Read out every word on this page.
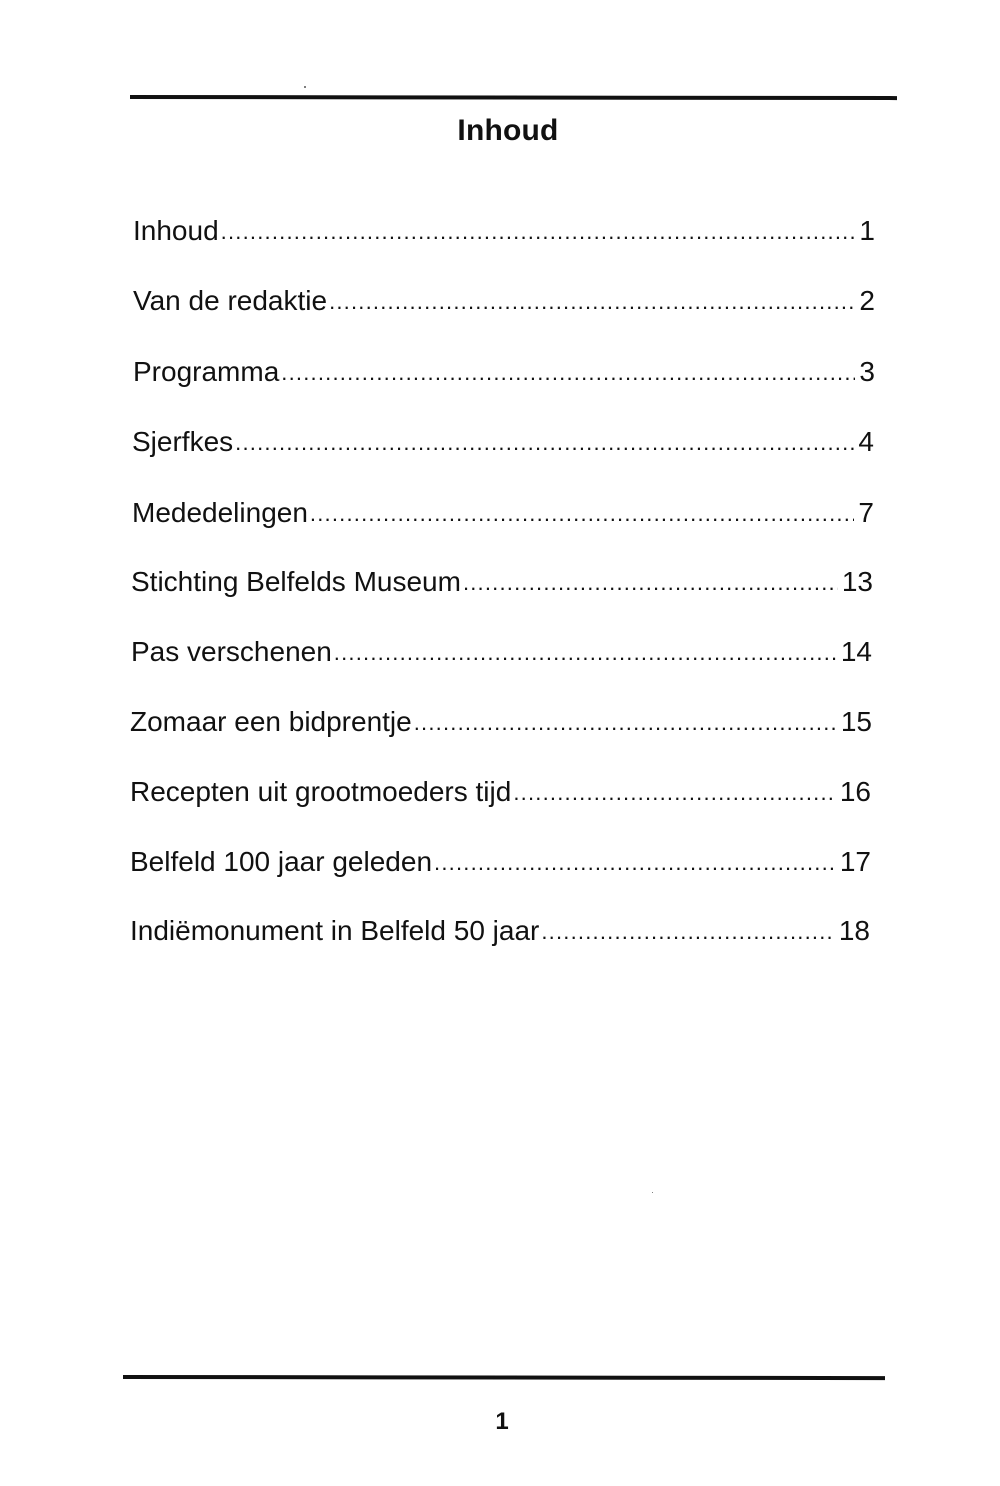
Inhoud
Inhoud .....	1
Van de redaktie .....	2
Programma .....	3
Sjerfkes .....	4
Mededelingen .....	7
Stichting Belfelds Museum .....	13
Pas verschenen .....	14
Zomaar een bidprentje .....	15
Recepten uit grootmoeders tijd .....	16
Belfeld 100 jaar geleden .....	17
Indiëmonument in Belfeld 50 jaar .....	18
1
